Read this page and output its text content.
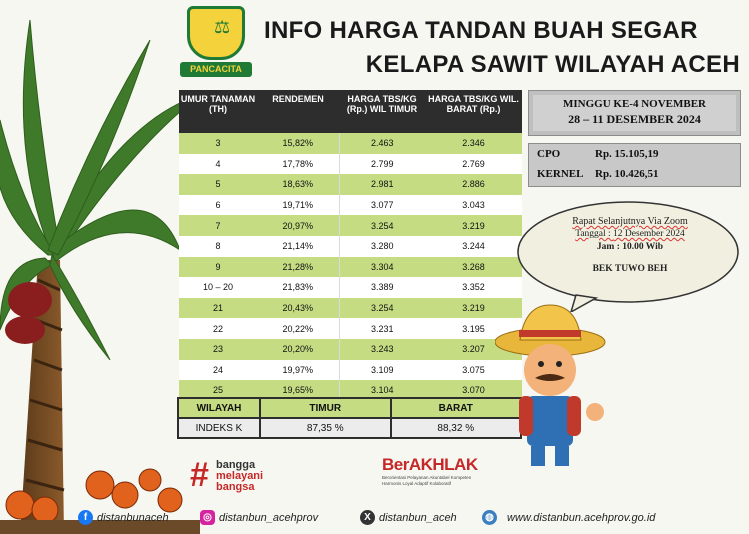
⚖
PANCACITA
INFO HARGA TANDAN BUAH SEGAR
KELAPA SAWIT WILAYAH ACEH
UMUR TANAMAN (TH)	RENDEMEN	HARGA TBS/KG (Rp.) WIL TIMUR	HARGA TBS/KG WIL. BARAT (Rp.)
3	15,82%	2.463	2.346
4	17,78%	2.799	2.769
5	18,63%	2.981	2.886
6	19,71%	3.077	3.043
7	20,97%	3.254	3.219
8	21,14%	3.280	3.244
9	21,28%	3.304	3.268
10 – 20	21,83%	3.389	3.352
21	20,43%	3.254	3.219
22	20,22%	3.231	3.195
23	20,20%	3.243	3.207
24	19,97%	3.109	3.075
25	19,65%	3.104	3.070
WILAYAH	TIMUR	BARAT
INDEKS K	87,35 %	88,32 %
MINGGU KE-4 NOVEMBER
28 – 11 DESEMBER 2024
CPO	Rp. 15.105,19
KERNEL Rp. 10.426,51
Rapat Selanjutnya Via Zoom
Tanggal : 12 Desember 2024
Jam : 10.00 Wib
BEK TUWO BEH
# bangga
melayani
bangsa
BerAKHLAK
Berorientasi Pelayanan Akuntabel Kompeten
Harmonis Loyal Adaptif Kolaboratif
f distanbunaceh	◎ distanbun_acehprov	X distanbun_aceh	◍ www.distanbun.acehprov.go.id
